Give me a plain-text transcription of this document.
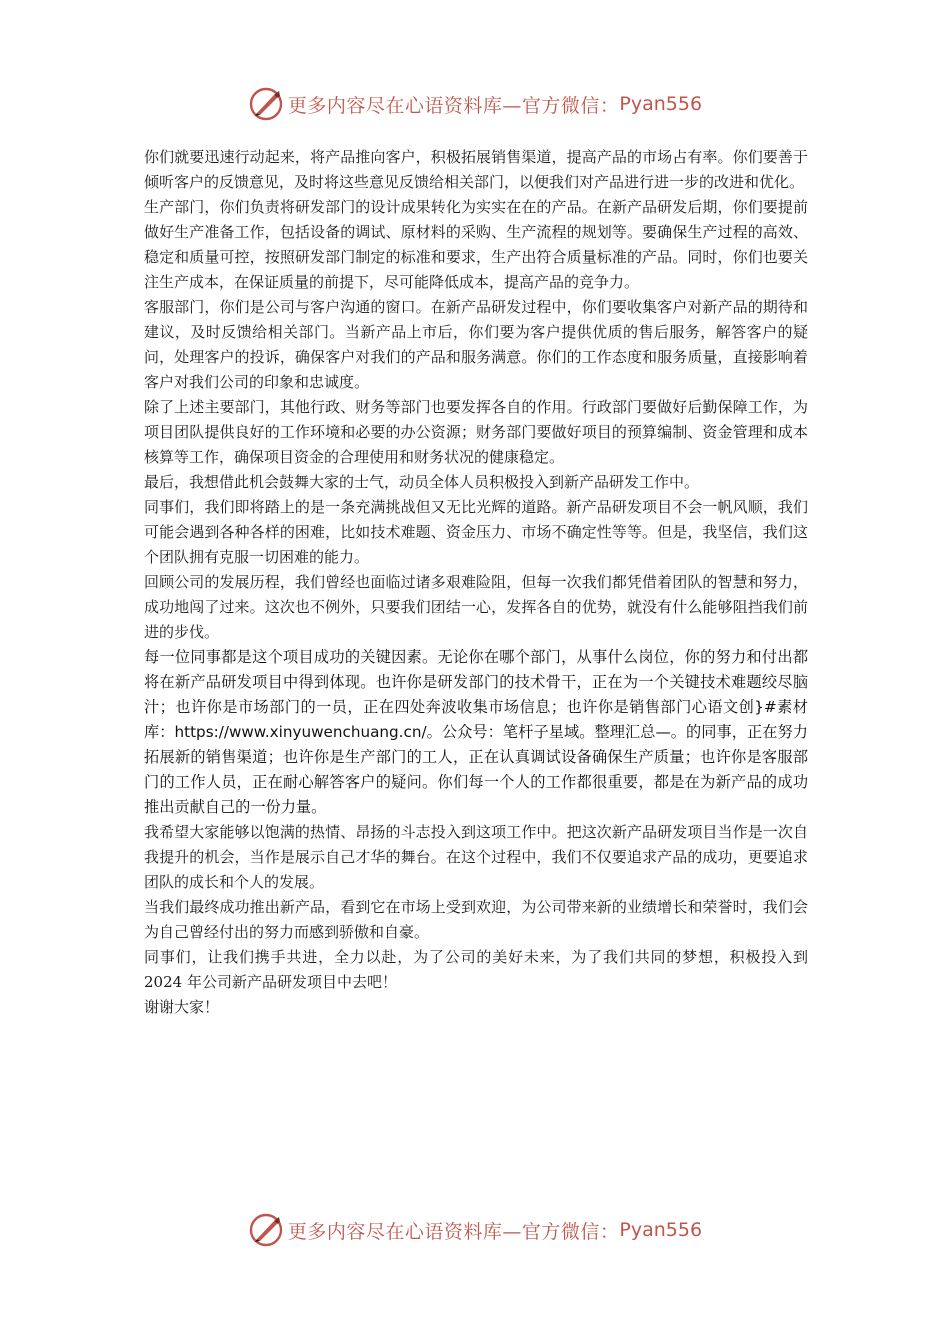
更多内容尽在心语资料库—官方微信： Pyan556

你们就要迅速行动起来，将产品推向客户，积极拓展销售渠道，提高产品的市场占有率。你们要善于倾听客户的反馈意见，及时将这些意见反馈给相关部门，以便我们对产品进行进一步的改进和优化。

生产部门，你们负责将研发部门的设计成果转化为实实在在的产品。在新产品研发后期，你们要提前做好生产准备工作，包括设备的调试、原材料的采购、生产流程的规划等。要确保生产过程的高效、稳定和质量可控，按照研发部门制定的标准和要求，生产出符合质量标准的产品。同时，你们也要关注生产成本，在保证质量的前提下，尽可能降低成本，提高产品的竞争力。

客服部门，你们是公司与客户沟通的窗口。在新产品研发过程中，你们要收集客户对新产品的期待和建议，及时反馈给相关部门。当新产品上市后，你们要为客户提供优质的售后服务，解答客户的疑问，处理客户的投诉，确保客户对我们的产品和服务满意。你们的工作态度和服务质量，直接影响着客户对我们公司的印象和忠诚度。

除了上述主要部门，其他行政、财务等部门也要发挥各自的作用。行政部门要做好后勤保障工作，为项目团队提供良好的工作环境和必要的办公资源；财务部门要做好项目的预算编制、资金管理和成本核算等工作，确保项目资金的合理使用和财务状况的健康稳定。

最后，我想借此机会鼓舞大家的士气，动员全体人员积极投入到新产品研发工作中。

同事们，我们即将踏上的是一条充满挑战但又无比光辉的道路。新产品研发项目不会一帆风顺，我们可能会遇到各种各样的困难，比如技术难题、资金压力、市场不确定性等等。但是，我坚信，我们这个团队拥有克服一切困难的能力。

回顾公司的发展历程，我们曾经也面临过诸多艰难险阻，但每一次我们都凭借着团队的智慧和努力，成功地闯了过来。这次也不例外，只要我们团结一心，发挥各自的优势，就没有什么能够阻挡我们前进的步伐。

每一位同事都是这个项目成功的关键因素。无论你在哪个部门，从事什么岗位，你的努力和付出都将在新产品研发项目中得到体现。也许你是研发部门的技术骨干，正在为一个关键技术难题绞尽脑汁；也许你是市场部门的一员，正在四处奔波收集市场信息；也许你是销售部门心语文创}#素材库：https://www.xinyuwenchuang.cn/。公众号：笔杆子星域。整理汇总—。的同事，正在努力拓展新的销售渠道；也许你是生产部门的工人，正在认真调试设备确保生产质量；也许你是客服部门的工作人员，正在耐心解答客户的疑问。你们每一个人的工作都很重要，都是在为新产品的成功推出贡献自己的一份力量。

我希望大家能够以饱满的热情、昂扬的斗志投入到这项工作中。把这次新产品研发项目当作是一次自我提升的机会，当作是展示自己才华的舞台。在这个过程中，我们不仅要追求产品的成功，更要追求团队的成长和个人的发展。

当我们最终成功推出新产品，看到它在市场上受到欢迎，为公司带来新的业绩增长和荣誉时，我们会为自己曾经付出的努力而感到骄傲和自豪。

同事们，让我们携手共进，全力以赴，为了公司的美好未来，为了我们共同的梦想，积极投入到 2024 年公司新产品研发项目中去吧！

谢谢大家！

更多内容尽在心语资料库—官方微信： Pyan556
